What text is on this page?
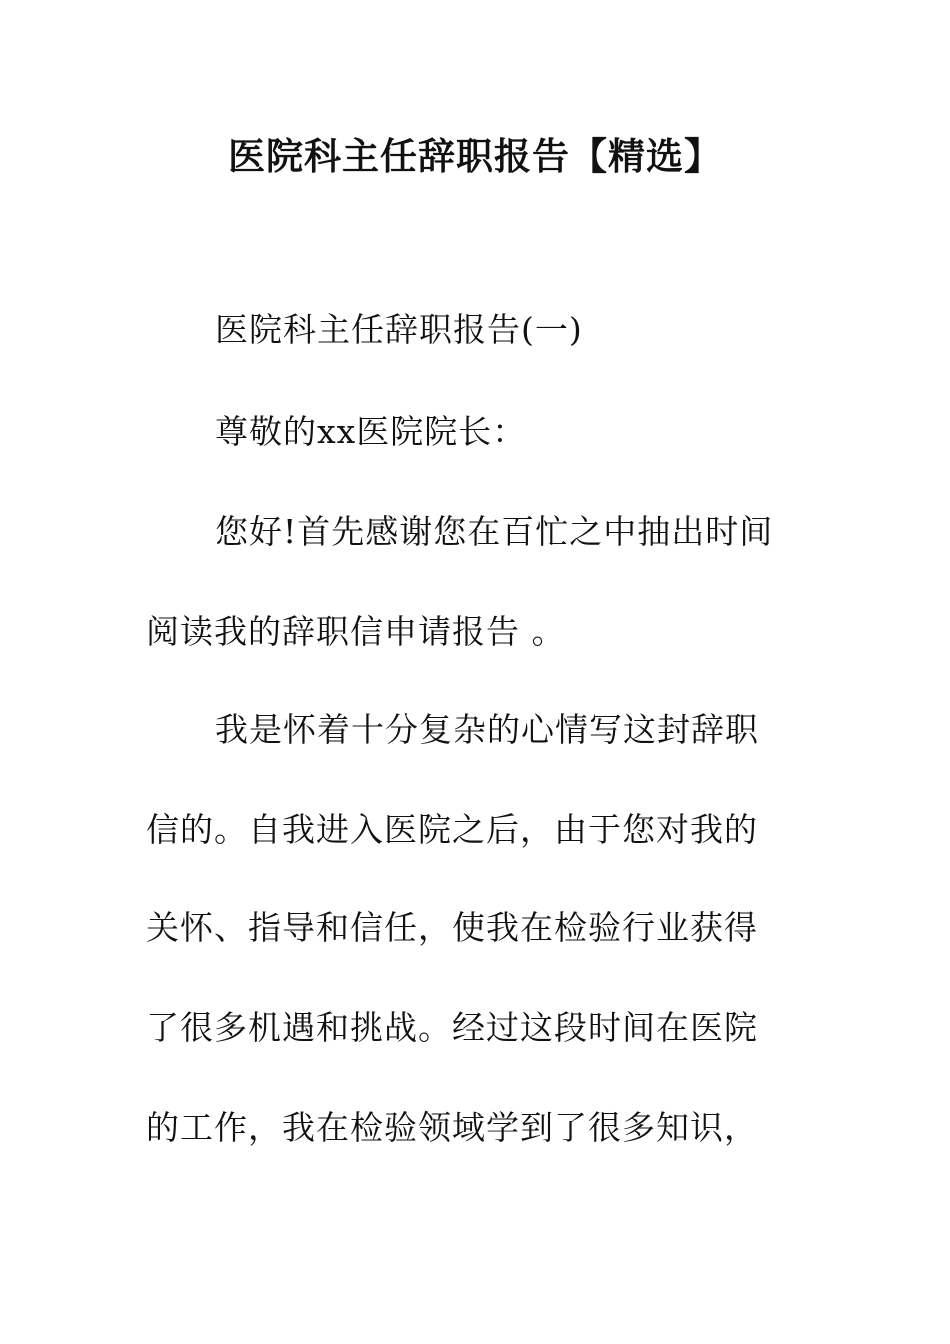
医院科主任辞职报告【精选】
医院科主任辞职报告(一)
尊敬的xx医院院长：
您好!首先感谢您在百忙之中抽出时间
阅读我的辞职信申请报告 。
我是怀着十分复杂的心情写这封辞职
信的。自我进入医院之后，由于您对我的
关怀、指导和信任，使我在检验行业获得
了很多机遇和挑战。经过这段时间在医院
的工作，我在检验领域学到了很多知识，
